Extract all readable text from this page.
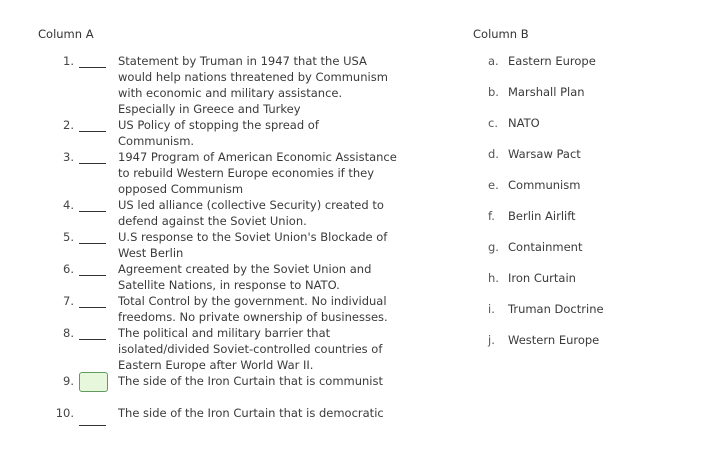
Column A	Column B
1.	Statement by Truman in 1947 that the USA would help nations threatened by Communism with economic and military assistance. Especially in Greece and Turkey
2.	US Policy of stopping the spread of Communism.
3.	1947 Program of American Economic Assistance to rebuild Western Europe economies if they opposed Communism
4.	US led alliance (collective Security) created to defend against the Soviet Union.
5.	U.S response to the Soviet Union's Blockade of West Berlin
6.	Agreement created by the Soviet Union and Satellite Nations, in response to NATO.
7.	Total Control by the government. No individual freedoms. No private ownership of businesses.
8.	The political and military barrier that isolated/divided Soviet-controlled countries of Eastern Europe after World War II.
9.	The side of the Iron Curtain that is communist
10.	The side of the Iron Curtain that is democratic
a. Eastern Europe
b. Marshall Plan
c. NATO
d. Warsaw Pact
e. Communism
f. Berlin Airlift
g. Containment
h. Iron Curtain
i. Truman Doctrine
j. Western Europe
